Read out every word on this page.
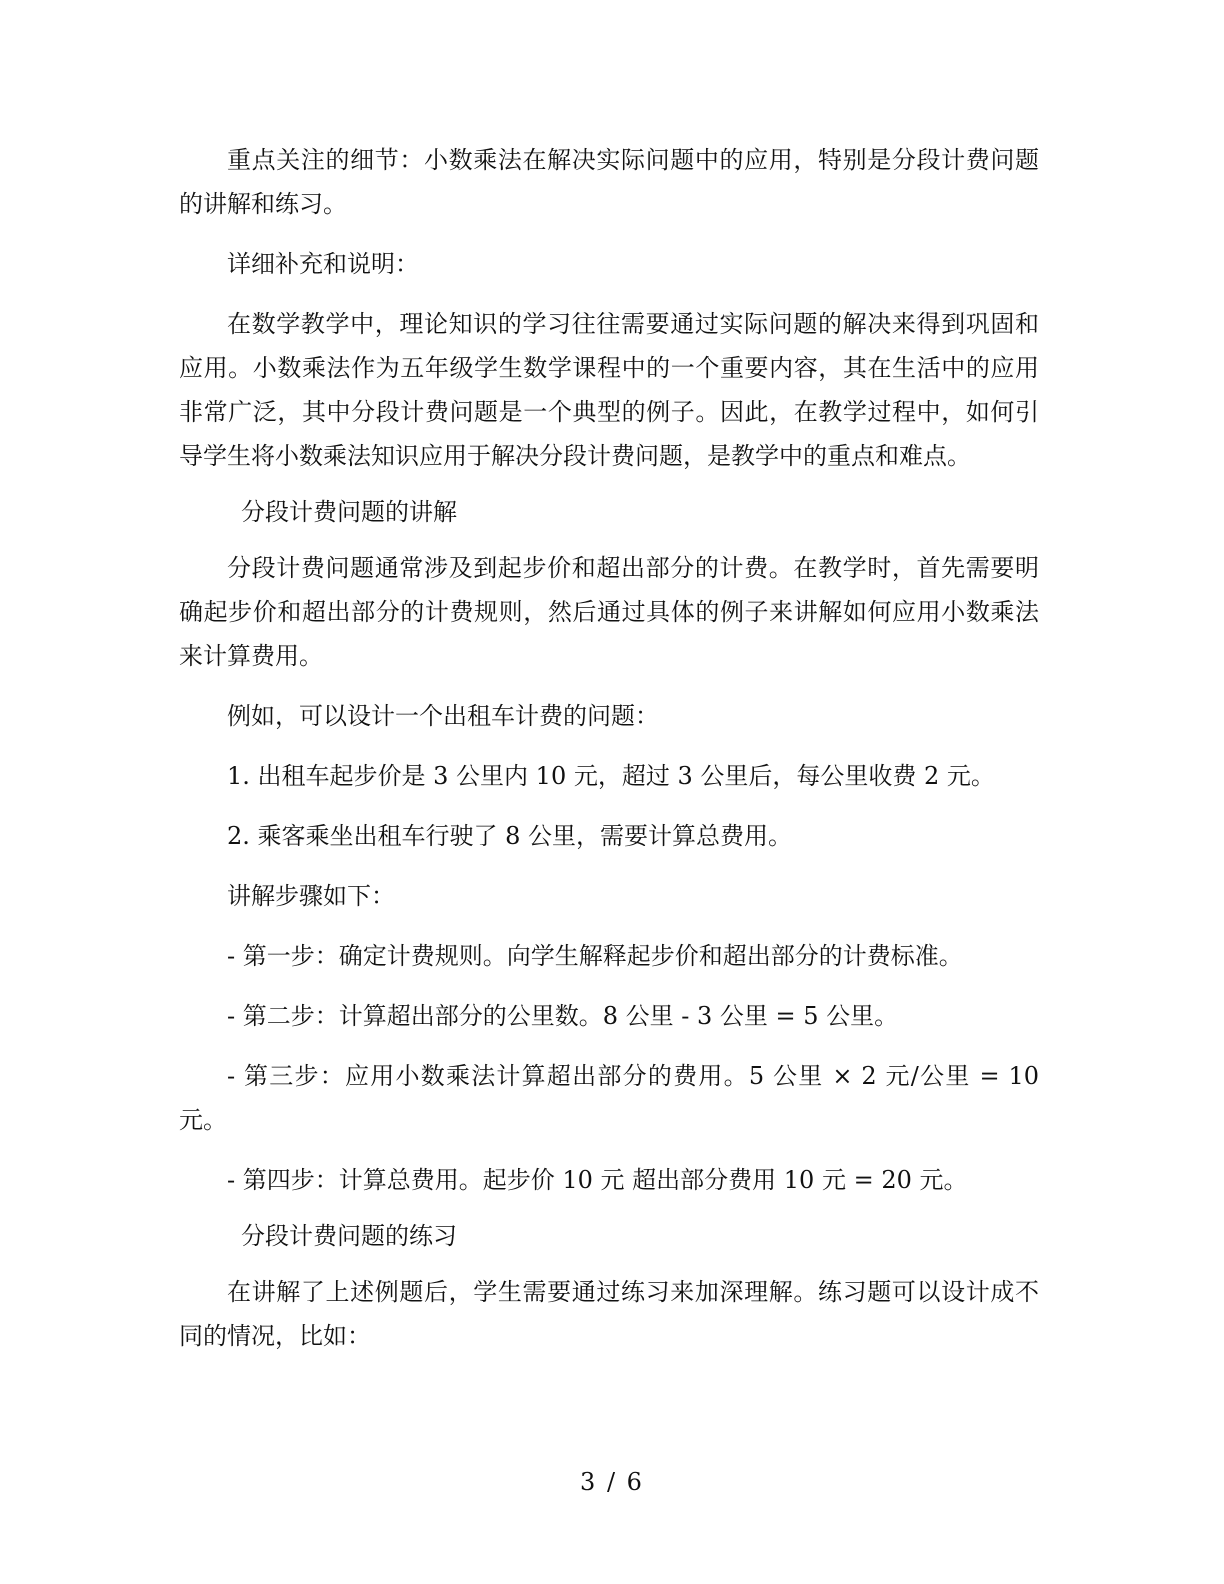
重点关注的细节：小数乘法在解决实际问题中的应用，特别是分段计费问题的讲解和练习。

详细补充和说明：

在数学教学中，理论知识的学习往往需要通过实际问题的解决来得到巩固和应用。小数乘法作为五年级学生数学课程中的一个重要内容，其在生活中的应用非常广泛，其中分段计费问题是一个典型的例子。因此，在教学过程中，如何引导学生将小数乘法知识应用于解决分段计费问题，是教学中的重点和难点。

分段计费问题的讲解

分段计费问题通常涉及到起步价和超出部分的计费。在教学时，首先需要明确起步价和超出部分的计费规则，然后通过具体的例子来讲解如何应用小数乘法来计算费用。

例如，可以设计一个出租车计费的问题：

1. 出租车起步价是 3 公里内 10 元，超过 3 公里后，每公里收费 2 元。

2. 乘客乘坐出租车行驶了 8 公里，需要计算总费用。

讲解步骤如下：

- 第一步：确定计费规则。向学生解释起步价和超出部分的计费标准。

- 第二步：计算超出部分的公里数。8 公里 - 3 公里 = 5 公里。

- 第三步：应用小数乘法计算超出部分的费用。5 公里 × 2 元/公里 = 10 元。

- 第四步：计算总费用。起步价 10 元 超出部分费用 10 元 = 20 元。

分段计费问题的练习

在讲解了上述例题后，学生需要通过练习来加深理解。练习题可以设计成不同的情况，比如：

3 / 6
